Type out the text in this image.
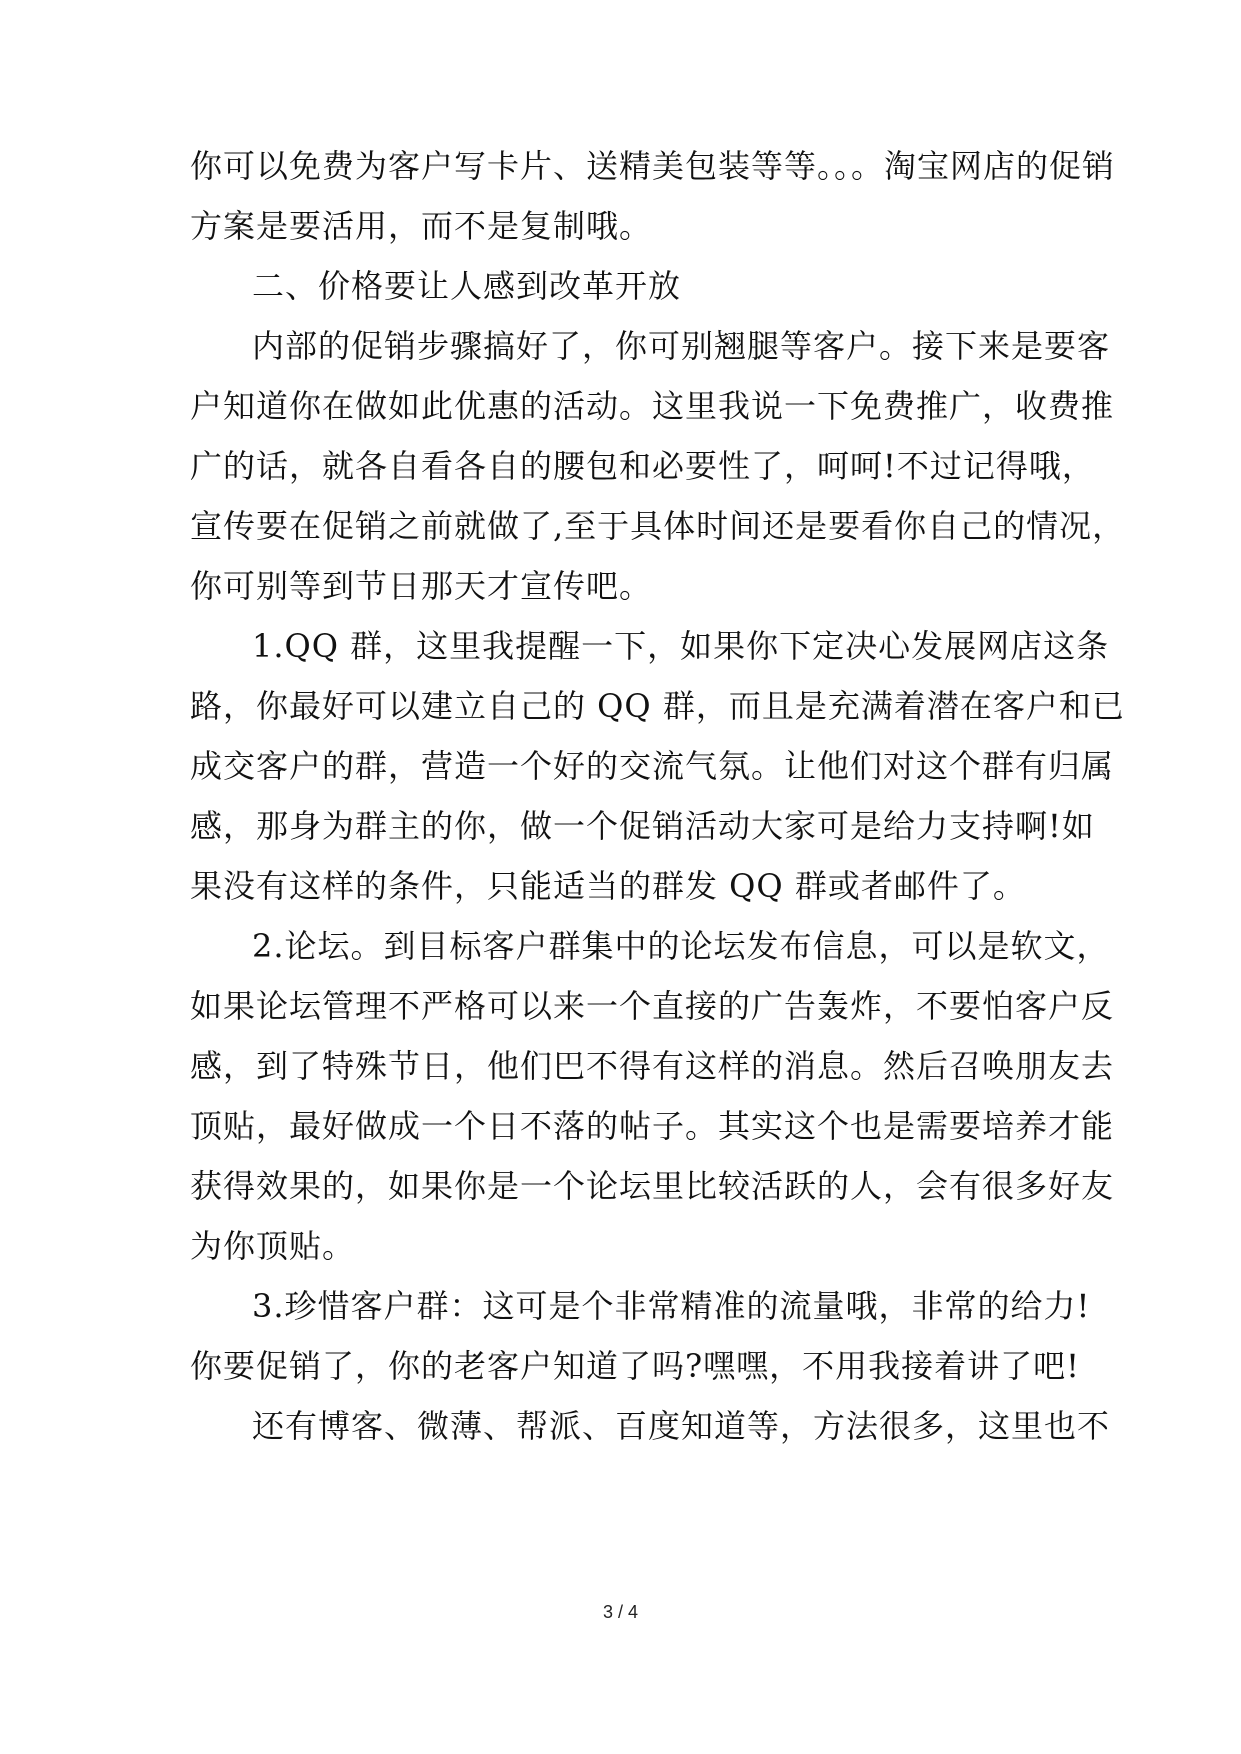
你可以免费为客户写卡片、送精美包装等等。。。淘宝网店的促销
方案是要活用，而不是复制哦。
二、价格要让人感到改革开放
内部的促销步骤搞好了，你可别翘腿等客户。接下来是要客
户知道你在做如此优惠的活动。这里我说一下免费推广，收费推
广的话，就各自看各自的腰包和必要性了，呵呵!不过记得哦，
宣传要在促销之前就做了,至于具体时间还是要看你自己的情况，
你可别等到节日那天才宣传吧。
1.QQ 群，这里我提醒一下，如果你下定决心发展网店这条
路，你最好可以建立自己的 QQ 群，而且是充满着潜在客户和已
成交客户的群，营造一个好的交流气氛。让他们对这个群有归属
感，那身为群主的你，做一个促销活动大家可是给力支持啊!如
果没有这样的条件，只能适当的群发 QQ 群或者邮件了。
2.论坛。到目标客户群集中的论坛发布信息，可以是软文，
如果论坛管理不严格可以来一个直接的广告轰炸，不要怕客户反
感，到了特殊节日，他们巴不得有这样的消息。然后召唤朋友去
顶贴，最好做成一个日不落的帖子。其实这个也是需要培养才能
获得效果的，如果你是一个论坛里比较活跃的人，会有很多好友
为你顶贴。
3.珍惜客户群：这可是个非常精准的流量哦，非常的给力!
你要促销了，你的老客户知道了吗?嘿嘿，不用我接着讲了吧!
还有博客、微薄、帮派、百度知道等，方法很多，这里也不
3 / 4
